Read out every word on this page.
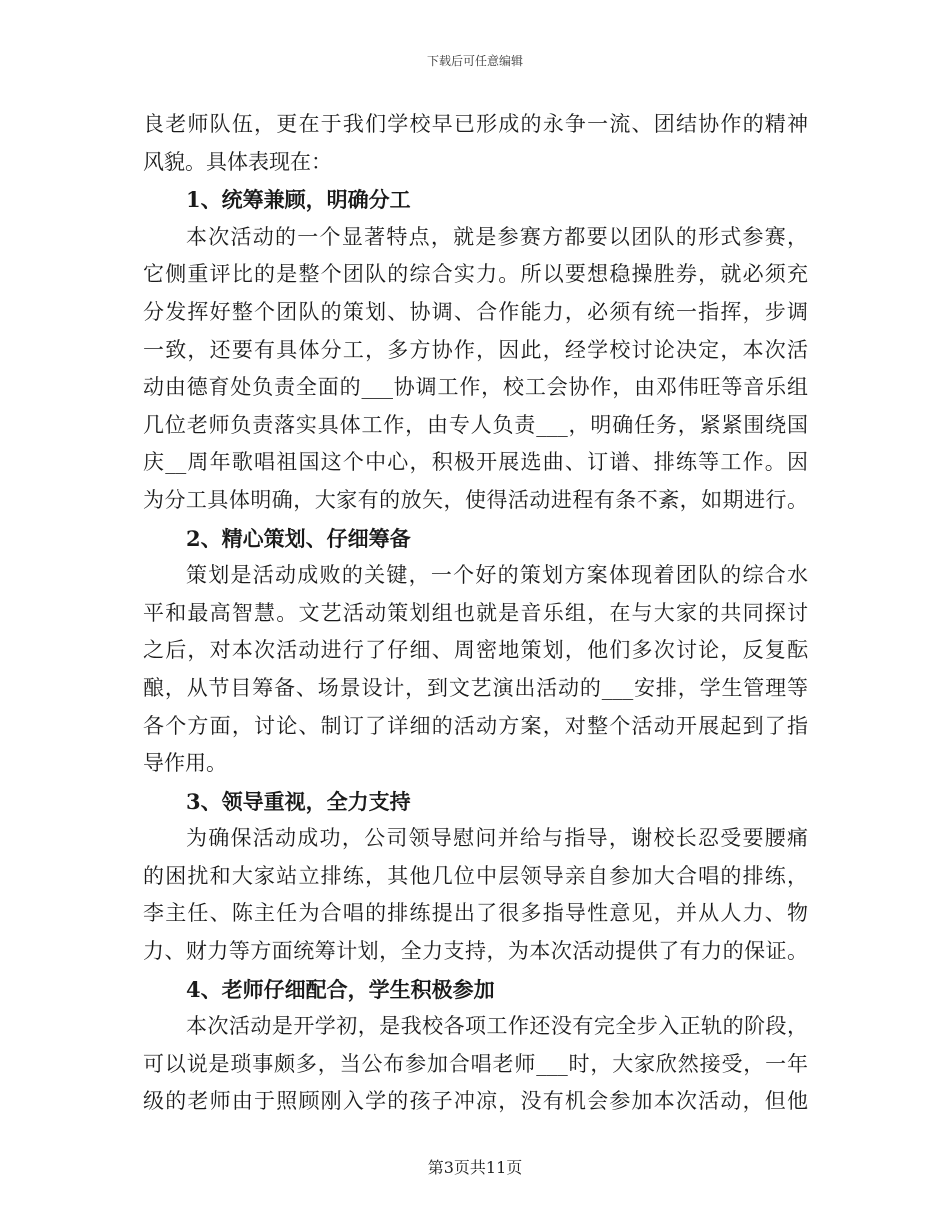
下载后可任意编辑
良老师队伍，更在于我们学校早已形成的永争一流、团结协作的精神
风貌。具体表现在：
1、统筹兼顾，明确分工
本次活动的一个显著特点，就是参赛方都要以团队的形式参赛，
它侧重评比的是整个团队的综合实力。所以要想稳操胜券，就必须充
分发挥好整个团队的策划、协调、合作能力，必须有统一指挥，步调
一致，还要有具体分工，多方协作，因此，经学校讨论决定，本次活
动由德育处负责全面的___协调工作，校工会协作，由邓伟旺等音乐组
几位老师负责落实具体工作，由专人负责___，明确任务，紧紧围绕国
庆__周年歌唱祖国这个中心，积极开展选曲、订谱、排练等工作。因
为分工具体明确，大家有的放矢，使得活动进程有条不紊，如期进行。
2、精心策划、仔细筹备
策划是活动成败的关键，一个好的策划方案体现着团队的综合水
平和最高智慧。文艺活动策划组也就是音乐组，在与大家的共同探讨
之后，对本次活动进行了仔细、周密地策划，他们多次讨论，反复酝
酿，从节目筹备、场景设计，到文艺演出活动的___安排，学生管理等
各个方面，讨论、制订了详细的活动方案，对整个活动开展起到了指
导作用。
3、领导重视，全力支持
为确保活动成功，公司领导慰问并给与指导，谢校长忍受要腰痛
的困扰和大家站立排练，其他几位中层领导亲自参加大合唱的排练，
李主任、陈主任为合唱的排练提出了很多指导性意见，并从人力、物
力、财力等方面统筹计划，全力支持，为本次活动提供了有力的保证。
4、老师仔细配合，学生积极参加
本次活动是开学初，是我校各项工作还没有完全步入正轨的阶段，
可以说是琐事颇多，当公布参加合唱老师___时，大家欣然接受，一年
级的老师由于照顾刚入学的孩子冲凉，没有机会参加本次活动，但他
第3页共11页
